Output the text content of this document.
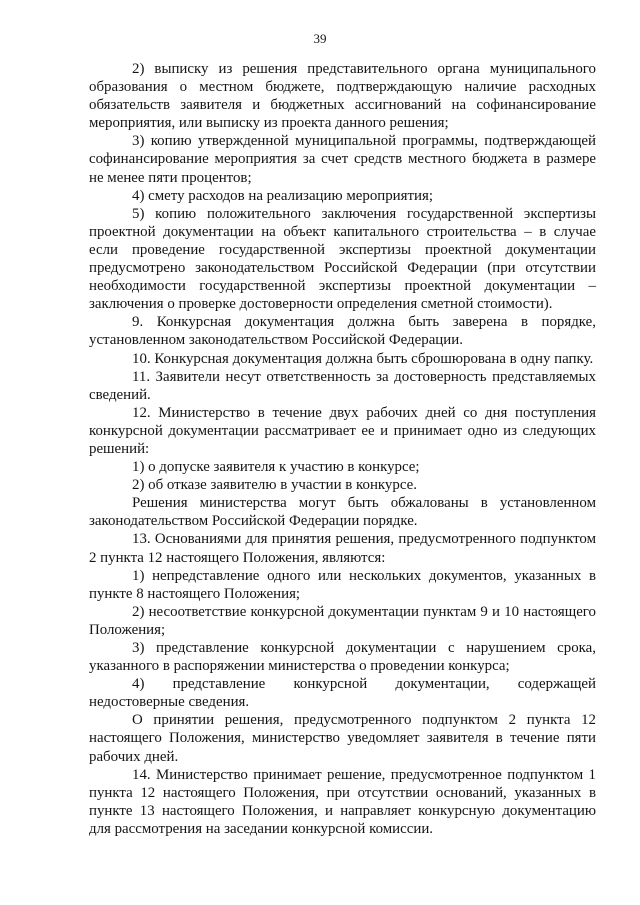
39

2) выписку из решения представительного органа муниципального образования о местном бюджете, подтверждающую наличие расходных обязательств заявителя и бюджетных ассигнований на софинансирование мероприятия, или выписку из проекта данного решения;

3) копию утвержденной муниципальной программы, подтверждающей софинансирование мероприятия за счет средств местного бюджета в размере не менее пяти процентов;

4) смету расходов на реализацию мероприятия;

5) копию положительного заключения государственной экспертизы проектной документации на объект капитального строительства – в случае если проведение государственной экспертизы проектной документации предусмотрено законодательством Российской Федерации (при отсутствии необходимости государственной экспертизы проектной документации – заключения о проверке достоверности определения сметной стоимости).

9. Конкурсная документация должна быть заверена в порядке, установленном законодательством Российской Федерации.

10. Конкурсная документация должна быть сброшюрована в одну папку.

11. Заявители несут ответственность за достоверность представляемых сведений.

12. Министерство в течение двух рабочих дней со дня поступления конкурсной документации рассматривает ее и принимает одно из следующих решений:

1) о допуске заявителя к участию в конкурсе;

2) об отказе заявителю в участии в конкурсе.

Решения министерства могут быть обжалованы в установленном законодательством Российской Федерации порядке.

13. Основаниями для принятия решения, предусмотренного подпунктом 2 пункта 12 настоящего Положения, являются:

1) непредставление одного или нескольких документов, указанных в пункте 8 настоящего Положения;

2) несоответствие конкурсной документации пунктам 9 и 10 настоящего Положения;

3) представление конкурсной документации с нарушением срока, указанного в распоряжении министерства о проведении конкурса;

4) представление конкурсной документации, содержащей недостоверные сведения.

О принятии решения, предусмотренного подпунктом 2 пункта 12 настоящего Положения, министерство уведомляет заявителя в течение пяти рабочих дней.

14. Министерство принимает решение, предусмотренное подпунктом 1 пункта 12 настоящего Положения, при отсутствии оснований, указанных в пункте 13 настоящего Положения, и направляет конкурсную документацию для рассмотрения на заседании конкурсной комиссии.
